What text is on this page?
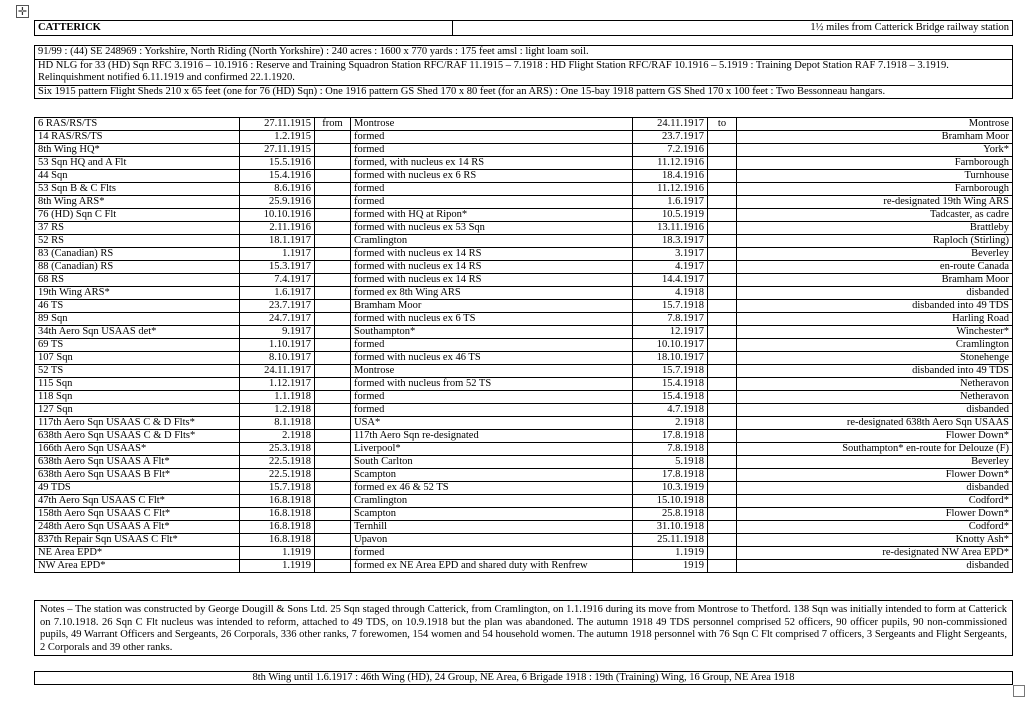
✛
CATTERICK	1½ miles from Catterick Bridge railway station
91/99 : (44) SE 248969 : Yorkshire, North Riding (North Yorkshire) : 240 acres : 1600 x 770 yards : 175 feet amsl : light loam soil.
HD NLG for 33 (HD) Sqn RFC 3.1916 – 10.1916 : Reserve and Training Squadron Station RFC/RAF 11.1915 – 7.1918 : HD Flight Station RFC/RAF 10.1916 – 5.1919 : Training Depot Station RAF 7.1918 – 3.1919. Relinquishment notified 6.11.1919 and confirmed 22.1.1920.
Six 1915 pattern Flight Sheds 210 x 65 feet (one for 76 (HD) Sqn) : One 1916 pattern GS Shed 170 x 80 feet (for an ARS) : One 15-bay 1918 pattern GS Shed 170 x 100 feet : Two Bessonneau hangars.
6 RAS/RS/TS	27.11.1915	from	Montrose	24.11.1917	to	Montrose
14 RAS/RS/TS	1.2.1915		formed	23.7.1917		Bramham Moor
8th Wing HQ*	27.11.1915		formed	7.2.1916		York*
53 Sqn HQ and A Flt	15.5.1916		formed, with nucleus ex 14 RS	11.12.1916		Farnborough
44 Sqn	15.4.1916		formed with nucleus ex 6 RS	18.4.1916		Turnhouse
53 Sqn B & C Flts	8.6.1916		formed	11.12.1916		Farnborough
8th Wing ARS*	25.9.1916		formed	1.6.1917		re-designated 19th Wing ARS
76 (HD) Sqn C Flt	10.10.1916		formed with HQ at Ripon*	10.5.1919		Tadcaster, as cadre
37 RS	2.11.1916		formed with nucleus ex 53 Sqn	13.11.1916		Brattleby
52 RS	18.1.1917		Cramlington	18.3.1917		Raploch (Stirling)
83 (Canadian) RS	1.1917		formed with nucleus ex 14 RS	3.1917		Beverley
88 (Canadian) RS	15.3.1917		formed with nucleus ex 14 RS	4.1917		en-route Canada
68 RS	7.4.1917		formed with nucleus ex 14 RS	14.4.1917		Bramham Moor
19th Wing ARS*	1.6.1917		formed ex 8th Wing ARS	4.1918		disbanded
46 TS	23.7.1917		Bramham Moor	15.7.1918		disbanded into 49 TDS
89 Sqn	24.7.1917		formed with nucleus ex 6 TS	7.8.1917		Harling Road
34th Aero Sqn USAAS det*	9.1917		Southampton*	12.1917		Winchester*
69 TS	1.10.1917		formed	10.10.1917		Cramlington
107 Sqn	8.10.1917		formed with nucleus ex 46 TS	18.10.1917		Stonehenge
52 TS	24.11.1917		Montrose	15.7.1918		disbanded into 49 TDS
115 Sqn	1.12.1917		formed with nucleus from 52 TS	15.4.1918		Netheravon
118 Sqn	1.1.1918		formed	15.4.1918		Netheravon
127 Sqn	1.2.1918		formed	4.7.1918		disbanded
117th Aero Sqn USAAS C & D Flts*	8.1.1918		USA*	2.1918		re-designated 638th Aero Sqn USAAS
638th Aero Sqn USAAS C & D Flts*	2.1918		117th Aero Sqn re-designated	17.8.1918		Flower Down*
166th Aero Sqn USAAS*	25.3.1918		Liverpool*	7.8.1918		Southampton* en-route for Delouze (F)
638th Aero Sqn USAAS A Flt*	22.5.1918		South Carlton	5.1918		Beverley
638th Aero Sqn USAAS B Flt*	22.5.1918		Scampton	17.8.1918		Flower Down*
49 TDS	15.7.1918		formed ex 46 & 52 TS	10.3.1919		disbanded
47th Aero Sqn USAAS C Flt*	16.8.1918		Cramlington	15.10.1918		Codford*
158th Aero Sqn USAAS C Flt*	16.8.1918		Scampton	25.8.1918		Flower Down*
248th Aero Sqn USAAS A Flt*	16.8.1918		Ternhill	31.10.1918		Codford*
837th Repair Sqn USAAS C Flt*	16.8.1918		Upavon	25.11.1918		Knotty Ash*
NE Area EPD*	1.1919		formed	1.1919		re-designated NW Area EPD*
NW Area EPD*	1.1919		formed ex NE Area EPD and shared duty with Renfrew	1919		disbanded
Notes – The station was constructed by George Dougill & Sons Ltd. 25 Sqn staged through Catterick, from Cramlington, on 1.1.1916 during its move from Montrose to Thetford. 138 Sqn was initially intended to form at Catterick on 7.10.1918. 26 Sqn C Flt nucleus was intended to reform, attached to 49 TDS, on 10.9.1918 but the plan was abandoned. The autumn 1918 49 TDS personnel comprised 52 officers, 90 officer pupils, 90 non-commissioned pupils, 49 Warrant Officers and Sergeants, 26 Corporals, 336 other ranks, 7 forewomen, 154 women and 54 household women. The autumn 1918 personnel with 76 Sqn C Flt comprised 7 officers, 3 Sergeants and Flight Sergeants, 2 Corporals and 39 other ranks.
8th Wing until 1.6.1917 : 46th Wing (HD), 24 Group, NE Area, 6 Brigade 1918 : 19th (Training) Wing, 16 Group, NE Area 1918
